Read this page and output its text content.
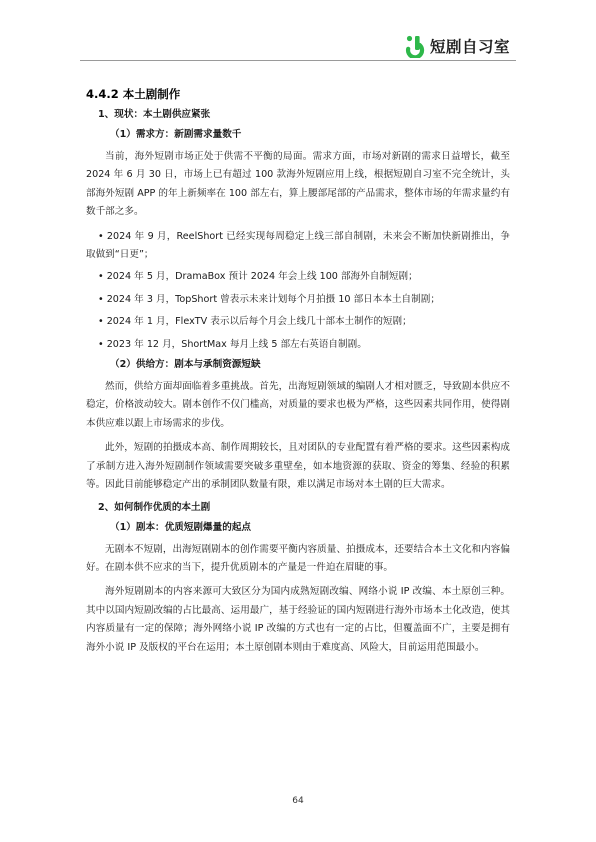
短剧自习室
4.4.2 本土剧制作
1、现状：本土剧供应紧张
（1）需求方：新剧需求量数千

当前，海外短剧市场正处于供需不平衡的局面。需求方面，市场对新剧的需求日益增长，截至 2024 年 6 月 30 日，市场上已有超过 100 款海外短剧应用上线，根据短剧自习室不完全统计，头部海外短剧 APP 的年上新频率在 100 部左右，算上腰部尾部的产品需求，整体市场的年需求量约有数千部之多。

• 2024 年 9 月，ReelShort 已经实现每周稳定上线三部自制剧，未来会不断加快新剧推出，争取做到“日更”；
• 2024 年 5 月，DramaBox 预计 2024 年会上线 100 部海外自制短剧；
• 2024 年 3 月，TopShort 曾表示未来计划每个月拍摄 10 部日本本土自制剧；
• 2024 年 1 月，FlexTV 表示以后每个月会上线几十部本土制作的短剧；
• 2023 年 12 月，ShortMax 每月上线 5 部左右英语自制剧。
（2）供给方：剧本与承制资源短缺

然而，供给方面却面临着多重挑战。首先，出海短剧领域的编剧人才相对匮乏，导致剧本供应不稳定，价格波动较大。剧本创作不仅门槛高，对质量的要求也极为严格，这些因素共同作用，使得剧本供应难以跟上市场需求的步伐。

此外，短剧的拍摄成本高、制作周期较长，且对团队的专业配置有着严格的要求。这些因素构成了承制方进入海外短剧制作领域需要突破多重壁垒，如本地资源的获取、资金的筹集、经验的积累等。因此目前能够稳定产出的承制团队数量有限，难以满足市场对本土剧的巨大需求。

2、如何制作优质的本土剧
（1）剧本：优质短剧爆量的起点

无剧本不短剧，出海短剧剧本的创作需要平衡内容质量、拍摄成本，还要结合本土文化和内容偏好。在剧本供不应求的当下，提升优质剧本的产量是一件迫在眉睫的事。

海外短剧剧本的内容来源可大致区分为国内成熟短剧改编、网络小说 IP 改编、本土原创三种。其中以国内短剧改编的占比最高、运用最广，基于经验证的国内短剧进行海外市场本土化改造，使其内容质量有一定的保障；海外网络小说 IP 改编的方式也有一定的占比，但覆盖面不广，主要是拥有海外小说 IP 及版权的平台在运用；本土原创剧本则由于难度高、风险大，目前运用范围最小。

64
